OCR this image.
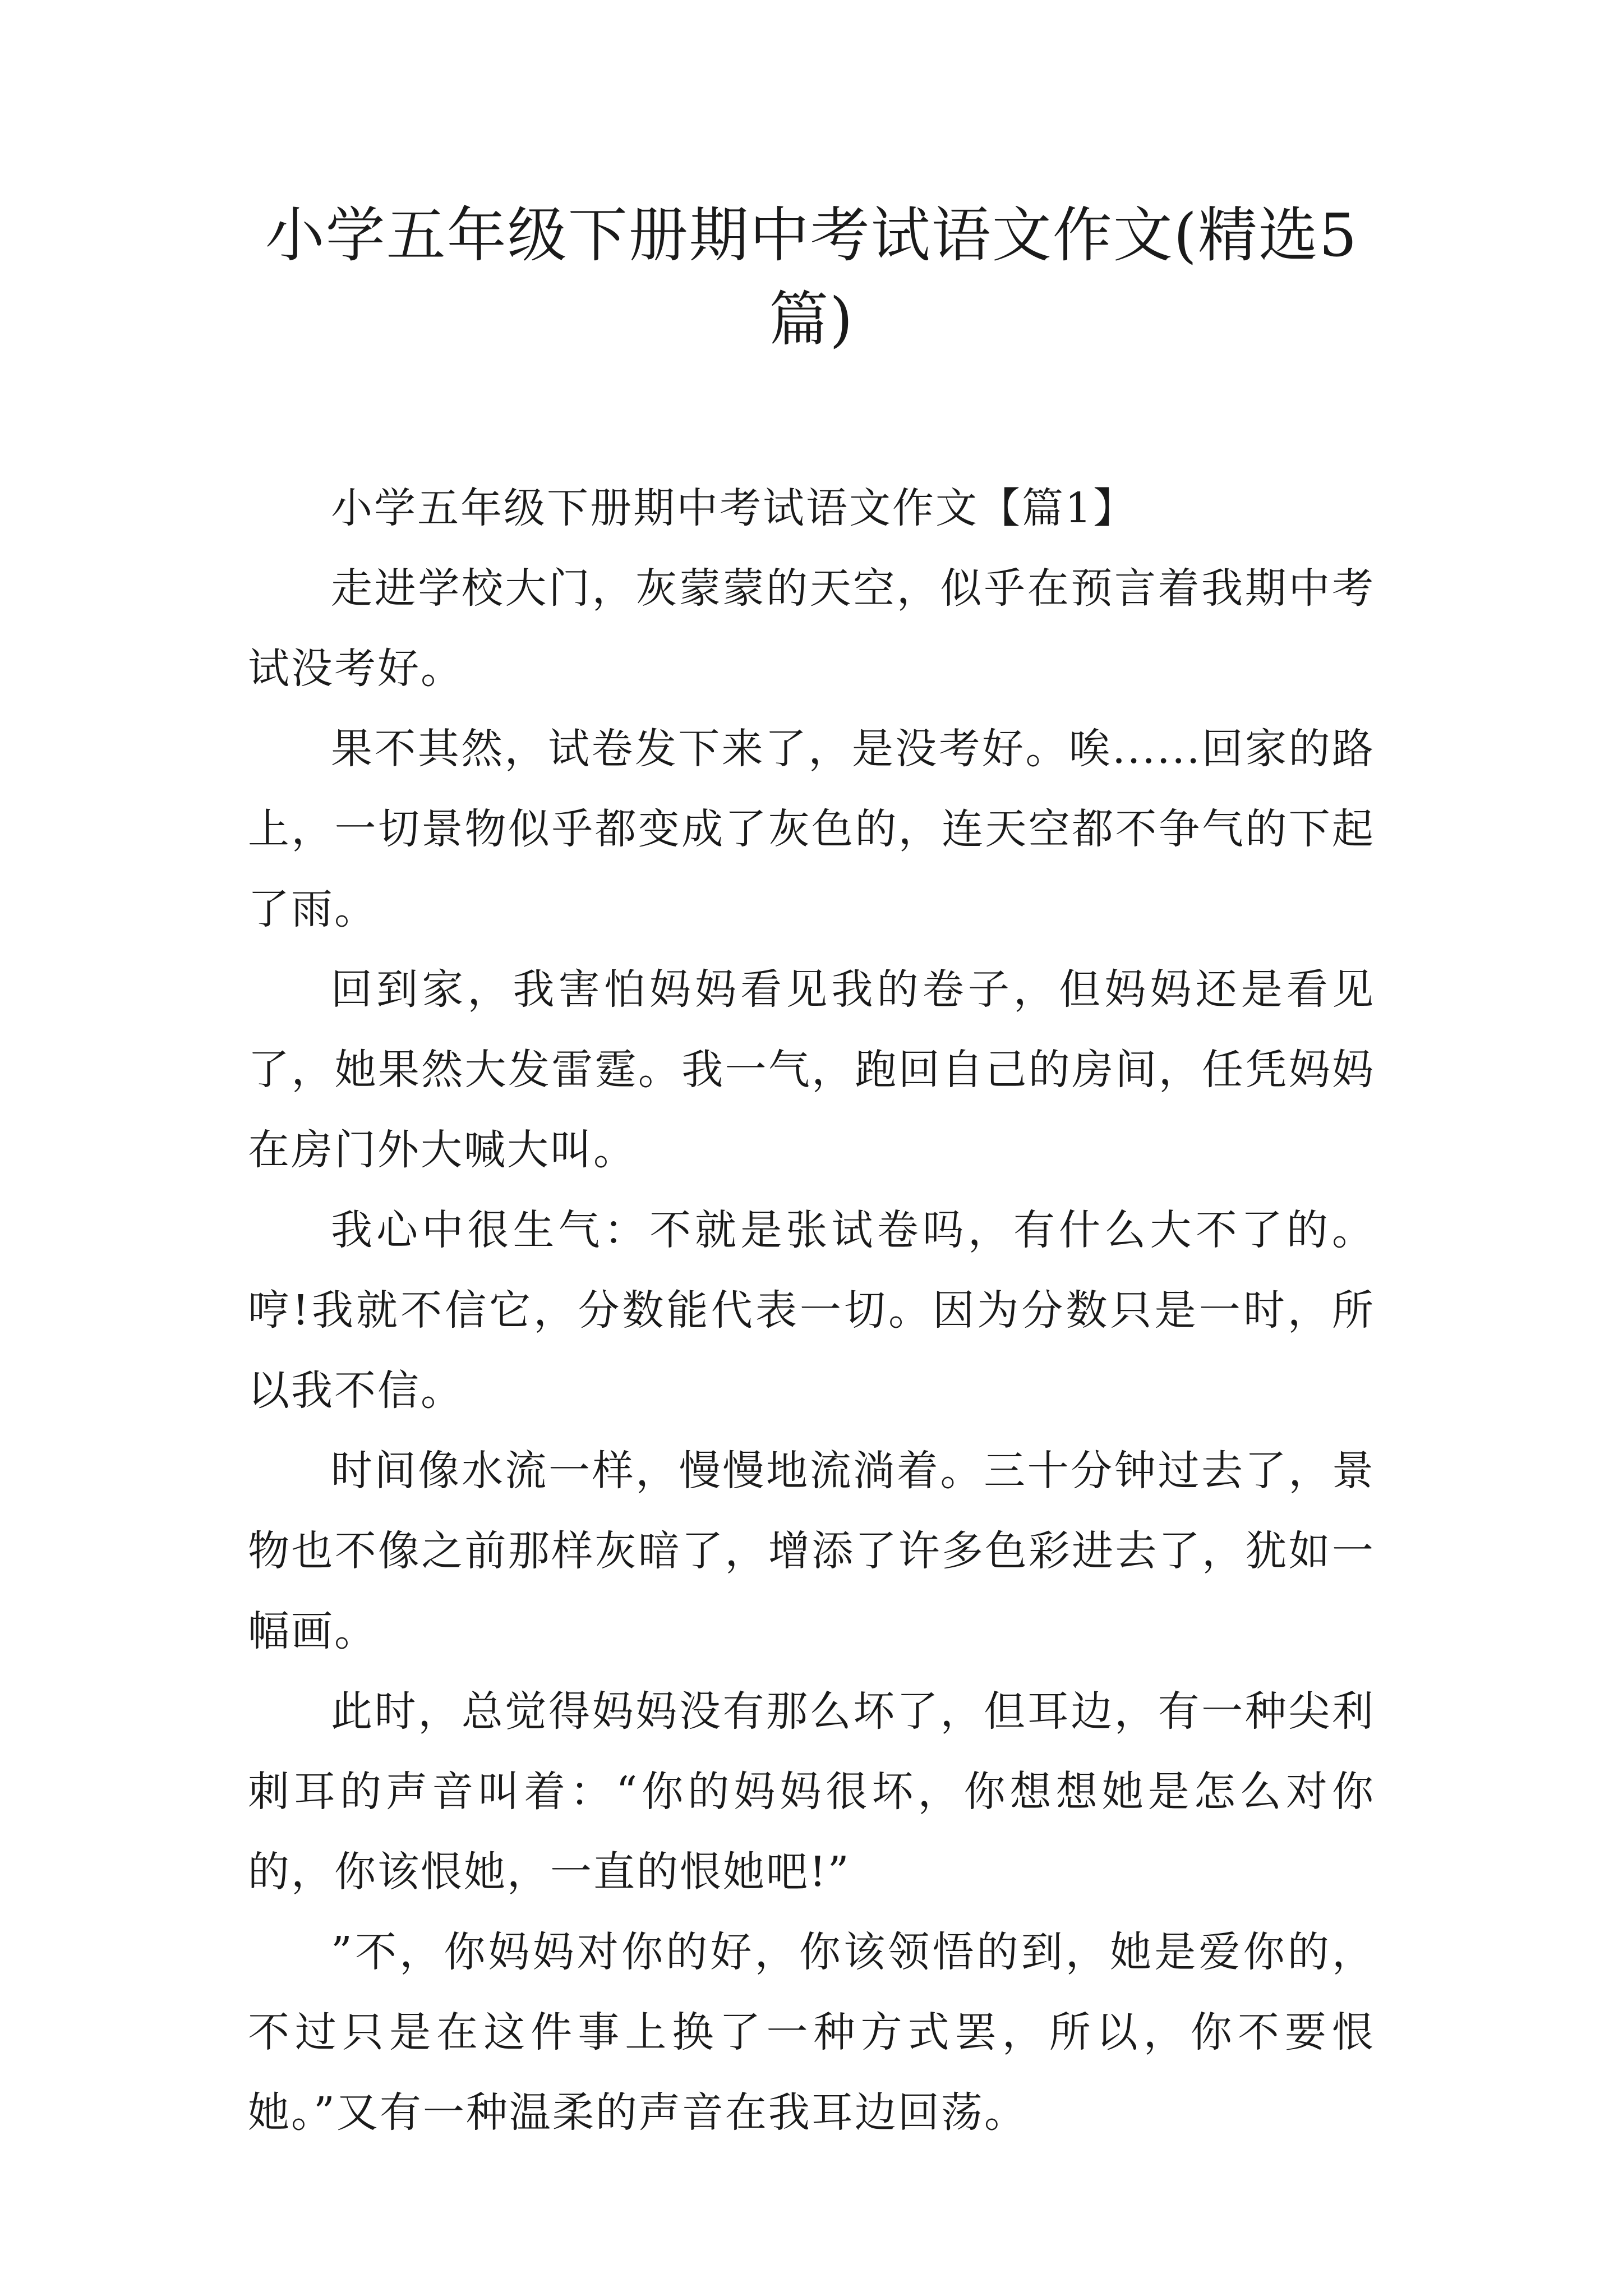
小学五年级下册期中考试语文作文(精选5篇)

小学五年级下册期中考试语文作文【篇1】

走进学校大门，灰蒙蒙的天空，似乎在预言着我期中考试没考好。

果不其然，试卷发下来了，是没考好。唉......回家的路上，一切景物似乎都变成了灰色的，连天空都不争气的下起了雨。

回到家，我害怕妈妈看见我的卷子，但妈妈还是看见了，她果然大发雷霆。我一气，跑回自己的房间，任凭妈妈在房门外大喊大叫。

我心中很生气：不就是张试卷吗，有什么大不了的。哼!我就不信它，分数能代表一切。因为分数只是一时，所以我不信。

时间像水流一样，慢慢地流淌着。三十分钟过去了，景物也不像之前那样灰暗了，增添了许多色彩进去了，犹如一幅画。

此时，总觉得妈妈没有那么坏了，但耳边，有一种尖利刺耳的声音叫着：“你的妈妈很坏，你想想她是怎么对你的，你该恨她，一直的恨她吧!”

”不，你妈妈对你的好，你该领悟的到，她是爱你的，不过只是在这件事上换了一种方式罢，所以，你不要恨她。”又有一种温柔的声音在我耳边回荡。
